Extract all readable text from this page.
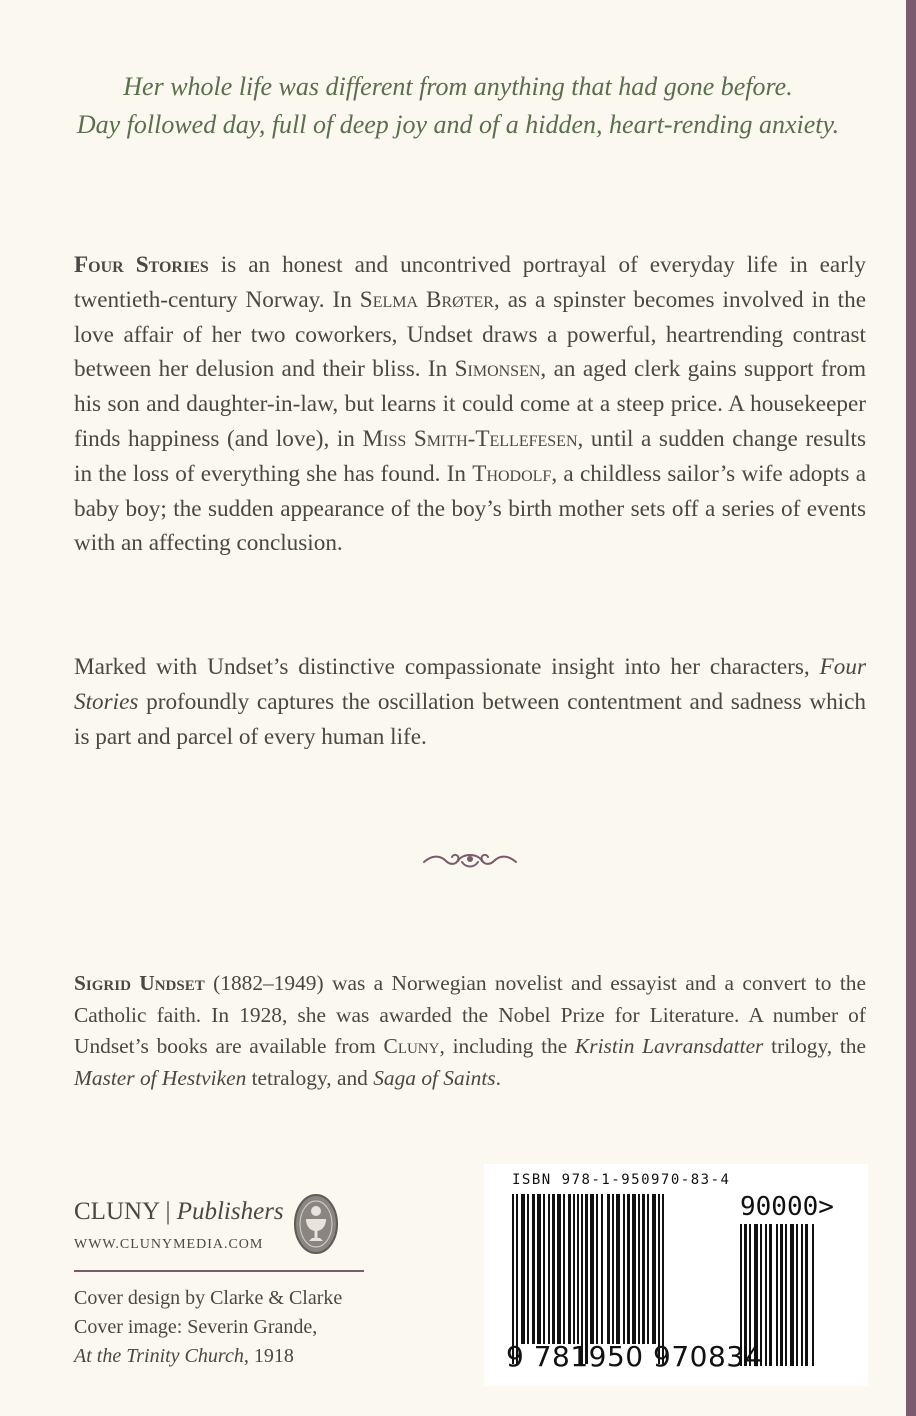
Her whole life was different from anything that had gone before.
Day followed day, full of deep joy and of a hidden, heart-rending anxiety.
Four Stories is an honest and uncontrived portrayal of everyday life in early twentieth-century Norway. In Selma Brøter, as a spinster becomes involved in the love affair of her two coworkers, Undset draws a powerful, heartrending contrast between her delusion and their bliss. In Simonsen, an aged clerk gains support from his son and daughter-in-law, but learns it could come at a steep price. A housekeeper finds happiness (and love), in Miss Smith-Tellefesen, until a sudden change results in the loss of everything she has found. In Thodolf, a childless sailor’s wife adopts a baby boy; the sudden appearance of the boy’s birth mother sets off a series of events with an affecting conclusion.
Marked with Undset’s distinctive compassionate insight into her characters, Four Stories profoundly captures the oscillation between contentment and sadness which is part and parcel of every human life.
Sigrid Undset (1882–1949) was a Norwegian novelist and essayist and a convert to the Catholic faith. In 1928, she was awarded the Nobel Prize for Literature. A number of Undset’s books are available from Cluny, including the Kristin Lavransdatter trilogy, the Master of Hestviken tetralogy, and Saga of Saints.
CLUNY | Publishers
WWW.CLUNYMEDIA.COM
Cover design by Clarke & Clarke
Cover image: Severin Grande,
At the Trinity Church, 1918
ISBN 978-1-950970-83-4
90000>
9 781950 970834
